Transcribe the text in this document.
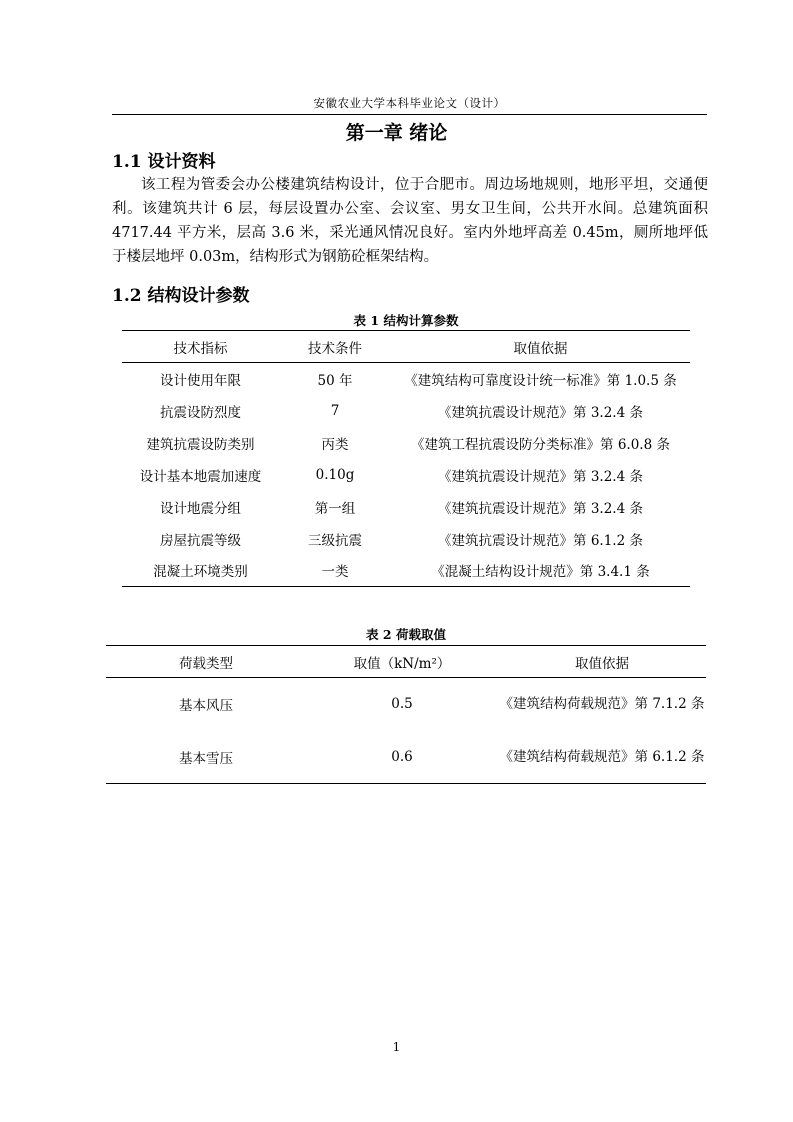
安徽农业大学本科毕业论文（设计）
第一章 绪论
1.1 设计资料

该工程为管委会办公楼建筑结构设计，位于合肥市。周边场地规则，地形平坦，交通便利。该建筑共计 6 层，每层设置办公室、会议室、男女卫生间，公共开水间。总建筑面积 4717.44 平方米，层高 3.6 米，采光通风情况良好。室内外地坪高差 0.45m，厕所地坪低于楼层地坪 0.03m，结构形式为钢筋砼框架结构。

1.2 结构设计参数
表 1 结构计算参数
技术指标	技术条件	取值依据
设计使用年限	50 年	《建筑结构可靠度设计统一标准》第 1.0.5 条
抗震设防烈度	7	《建筑抗震设计规范》第 3.2.4 条
建筑抗震设防类别	丙类	《建筑工程抗震设防分类标准》第 6.0.8 条
设计基本地震加速度	0.10g	《建筑抗震设计规范》第 3.2.4 条
设计地震分组	第一组	《建筑抗震设计规范》第 3.2.4 条
房屋抗震等级	三级抗震	《建筑抗震设计规范》第 6.1.2 条
混凝土环境类别	一类	《混凝土结构设计规范》第 3.4.1 条
表 2 荷载取值
荷载类型	取值（kN/m²）	取值依据
基本风压	0.5	《建筑结构荷载规范》第 7.1.2 条
基本雪压	0.6	《建筑结构荷载规范》第 6.1.2 条
1
